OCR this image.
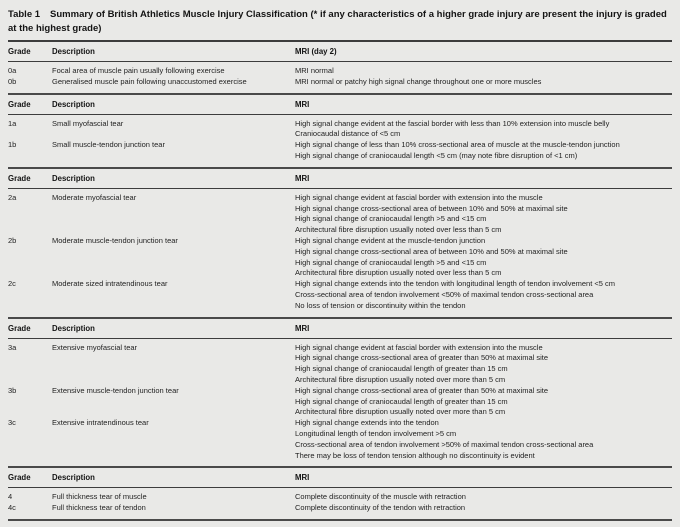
Table 1 Summary of British Athletics Muscle Injury Classification (* if any characteristics of a higher grade injury are present the injury is graded at the highest grade)
Grade	Description	MRI (day 2)
0a	Focal area of muscle pain usually following exercise	MRI normal
0b	Generalised muscle pain following unaccustomed exercise	MRI normal or patchy high signal change throughout one or more muscles
Grade	Description	MRI
1a	Small myofascial tear	High signal change evident at the fascial border with less than 10% extension into muscle belly
Craniocaudal distance of <5 cm
1b	Small muscle-tendon junction tear	High signal change of less than 10% cross-sectional area of muscle at the muscle-tendon junction
High signal change of craniocaudal length <5 cm (may note fibre disruption of <1 cm)
Grade	Description	MRI
2a	Moderate myofascial tear	High signal change evident at fascial border with extension into the muscle
High signal change cross-sectional area of between 10% and 50% at maximal site
High signal change of craniocaudal length >5 and <15 cm
Architectural fibre disruption usually noted over less than 5 cm
2b	Moderate muscle-tendon junction tear	High signal change evident at the muscle-tendon junction
High signal change cross-sectional area of between 10% and 50% at maximal site
High signal change of craniocaudal length >5 and <15 cm
Architectural fibre disruption usually noted over less than 5 cm
2c	Moderate sized intratendinous tear	High signal change extends into the tendon with longitudinal length of tendon involvement <5 cm
Cross-sectional area of tendon involvement <50% of maximal tendon cross-sectional area
No loss of tension or discontinuity within the tendon
Grade	Description	MRI
3a	Extensive myofascial tear	High signal change evident at fascial border with extension into the muscle
High signal change cross-sectional area of greater than 50% at maximal site
High signal change of craniocaudal length of greater than 15 cm
Architectural fibre disruption usually noted over more than 5 cm
3b	Extensive muscle-tendon junction tear	High signal change cross-sectional area of greater than 50% at maximal site
High signal change of craniocaudal length of greater than 15 cm
Architectural fibre disruption usually noted over more than 5 cm
3c	Extensive intratendinous tear	High signal change extends into the tendon
Longitudinal length of tendon involvement >5 cm
Cross-sectional area of tendon involvement >50% of maximal tendon cross-sectional area
There may be loss of tendon tension although no discontinuity is evident
Grade	Description	MRI
4	Full thickness tear of muscle	Complete discontinuity of the muscle with retraction
4c	Full thickness tear of tendon	Complete discontinuity of the tendon with retraction
